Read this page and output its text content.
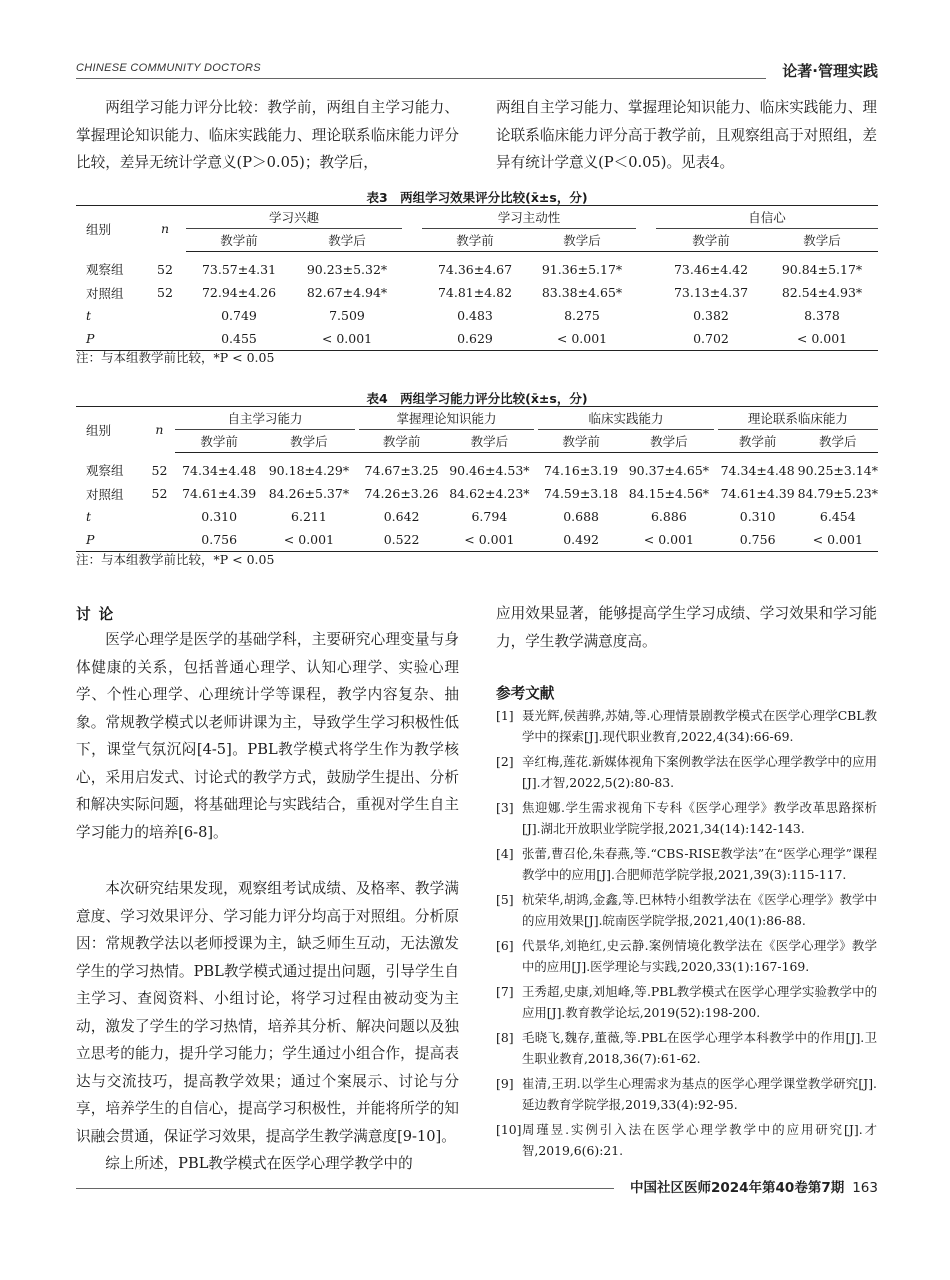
CHINESE COMMUNITY DOCTORS	论著·管理实践

两组学习能力评分比较：教学前，两组自主学习能力、掌握理论知识能力、临床实践能力、理论联系临床能力评分比较，差异无统计学意义(P＞0.05)；教学后，

两组自主学习能力、掌握理论知识能力、临床实践能力、理论联系临床能力评分高于教学前，且观察组高于对照组，差异有统计学意义(P＜0.05)。见表4。

表3　两组学习效果评分比较(x̄±s，分)
组别	n	学习兴趣			学习主动性			自信心	
		教学前	教学后		教学前	教学后		教学前	教学后
观察组	52	73.57±4.31	90.23±5.32*		74.36±4.67	91.36±5.17*		73.46±4.42	90.84±5.17*
对照组	52	72.94±4.26	82.67±4.94*		74.81±4.82	83.38±4.65*		73.13±4.37	82.54±4.93*
t		0.749	7.509		0.483	8.275		0.382	8.378
P		0.455	< 0.001		0.629	< 0.001		0.702	< 0.001
注：与本组教学前比较，*P < 0.05
表4　两组学习能力评分比较(x̄±s，分)
组别	n	自主学习能力			掌握理论知识能力			临床实践能力			理论联系临床能力	
		教学前	教学后		教学前	教学后		教学前	教学后		教学前	教学后
观察组	52	74.34±4.48	90.18±4.29*		74.67±3.25	90.46±4.53*		74.16±3.19	90.37±4.65*		74.34±4.48	90.25±3.14*
对照组	52	74.61±4.39	84.26±5.37*		74.26±3.26	84.62±4.23*		74.59±3.18	84.15±4.56*		74.61±4.39	84.79±5.23*
t		0.310	6.211		0.642	6.794		0.688	6.886		0.310	6.454
P		0.756	< 0.001		0.522	< 0.001		0.492	< 0.001		0.756	< 0.001
注：与本组教学前比较，*P < 0.05
讨论

医学心理学是医学的基础学科，主要研究心理变量与身体健康的关系，包括普通心理学、认知心理学、实验心理学、个性心理学、心理统计学等课程，教学内容复杂、抽象。常规教学模式以老师讲课为主，导致学生学习积极性低下，课堂气氛沉闷[4-5]。PBL教学模式将学生作为教学核心，采用启发式、讨论式的教学方式，鼓励学生提出、分析和解决实际问题，将基础理论与实践结合，重视对学生自主学习能力的培养[6-8]。

本次研究结果发现，观察组考试成绩、及格率、教学满意度、学习效果评分、学习能力评分均高于对照组。分析原因：常规教学法以老师授课为主，缺乏师生互动，无法激发学生的学习热情。PBL教学模式通过提出问题，引导学生自主学习、查阅资料、小组讨论，将学习过程由被动变为主动，激发了学生的学习热情，培养其分析、解决问题以及独立思考的能力，提升学习能力；学生通过小组合作，提高表达与交流技巧，提高教学效果；通过个案展示、讨论与分享，培养学生的自信心，提高学习积极性，并能将所学的知识融会贯通，保证学习效果，提高学生教学满意度[9-10]。

综上所述，PBL教学模式在医学心理学教学中的

应用效果显著，能够提高学生学习成绩、学习效果和学习能力，学生教学满意度高。

参考文献
[1] 聂光辉,侯茜骅,苏婧,等.心理情景剧教学模式在医学心理学CBL教学中的探索[J].现代职业教育,2022,4(34):66-69.
[2] 辛红梅,莲花.新媒体视角下案例教学法在医学心理学教学中的应用[J].才智,2022,5(2):80-83.
[3] 焦迎娜.学生需求视角下专科《医学心理学》教学改革思路探析[J].湖北开放职业学院学报,2021,34(14):142-143.
[4] 张蕾,曹召伦,朱春燕,等.“CBS-RISE教学法”在“医学心理学”课程教学中的应用[J].合肥师范学院学报,2021,39(3):115-117.
[5] 杭荣华,胡鸿,金鑫,等.巴林特小组教学法在《医学心理学》教学中的应用效果[J].皖南医学院学报,2021,40(1):86-88.
[6] 代景华,刘艳红,史云静.案例情境化教学法在《医学心理学》教学中的应用[J].医学理论与实践,2020,33(1):167-169.
[7] 王秀超,史康,刘旭峰,等.PBL教学模式在医学心理学实验教学中的应用[J].教育教学论坛,2019(52):198-200.
[8] 毛晓飞,魏存,董薇,等.PBL在医学心理学本科教学中的作用[J].卫生职业教育,2018,36(7):61-62.
[9] 崔清,王玥.以学生心理需求为基点的医学心理学课堂教学研究[J].延边教育学院学报,2019,33(4):92-95.
[10] 周瑾昱.实例引入法在医学心理学教学中的应用研究[J].才智,2019,6(6):21.
中国社区医师2024年第40卷第7期 163
